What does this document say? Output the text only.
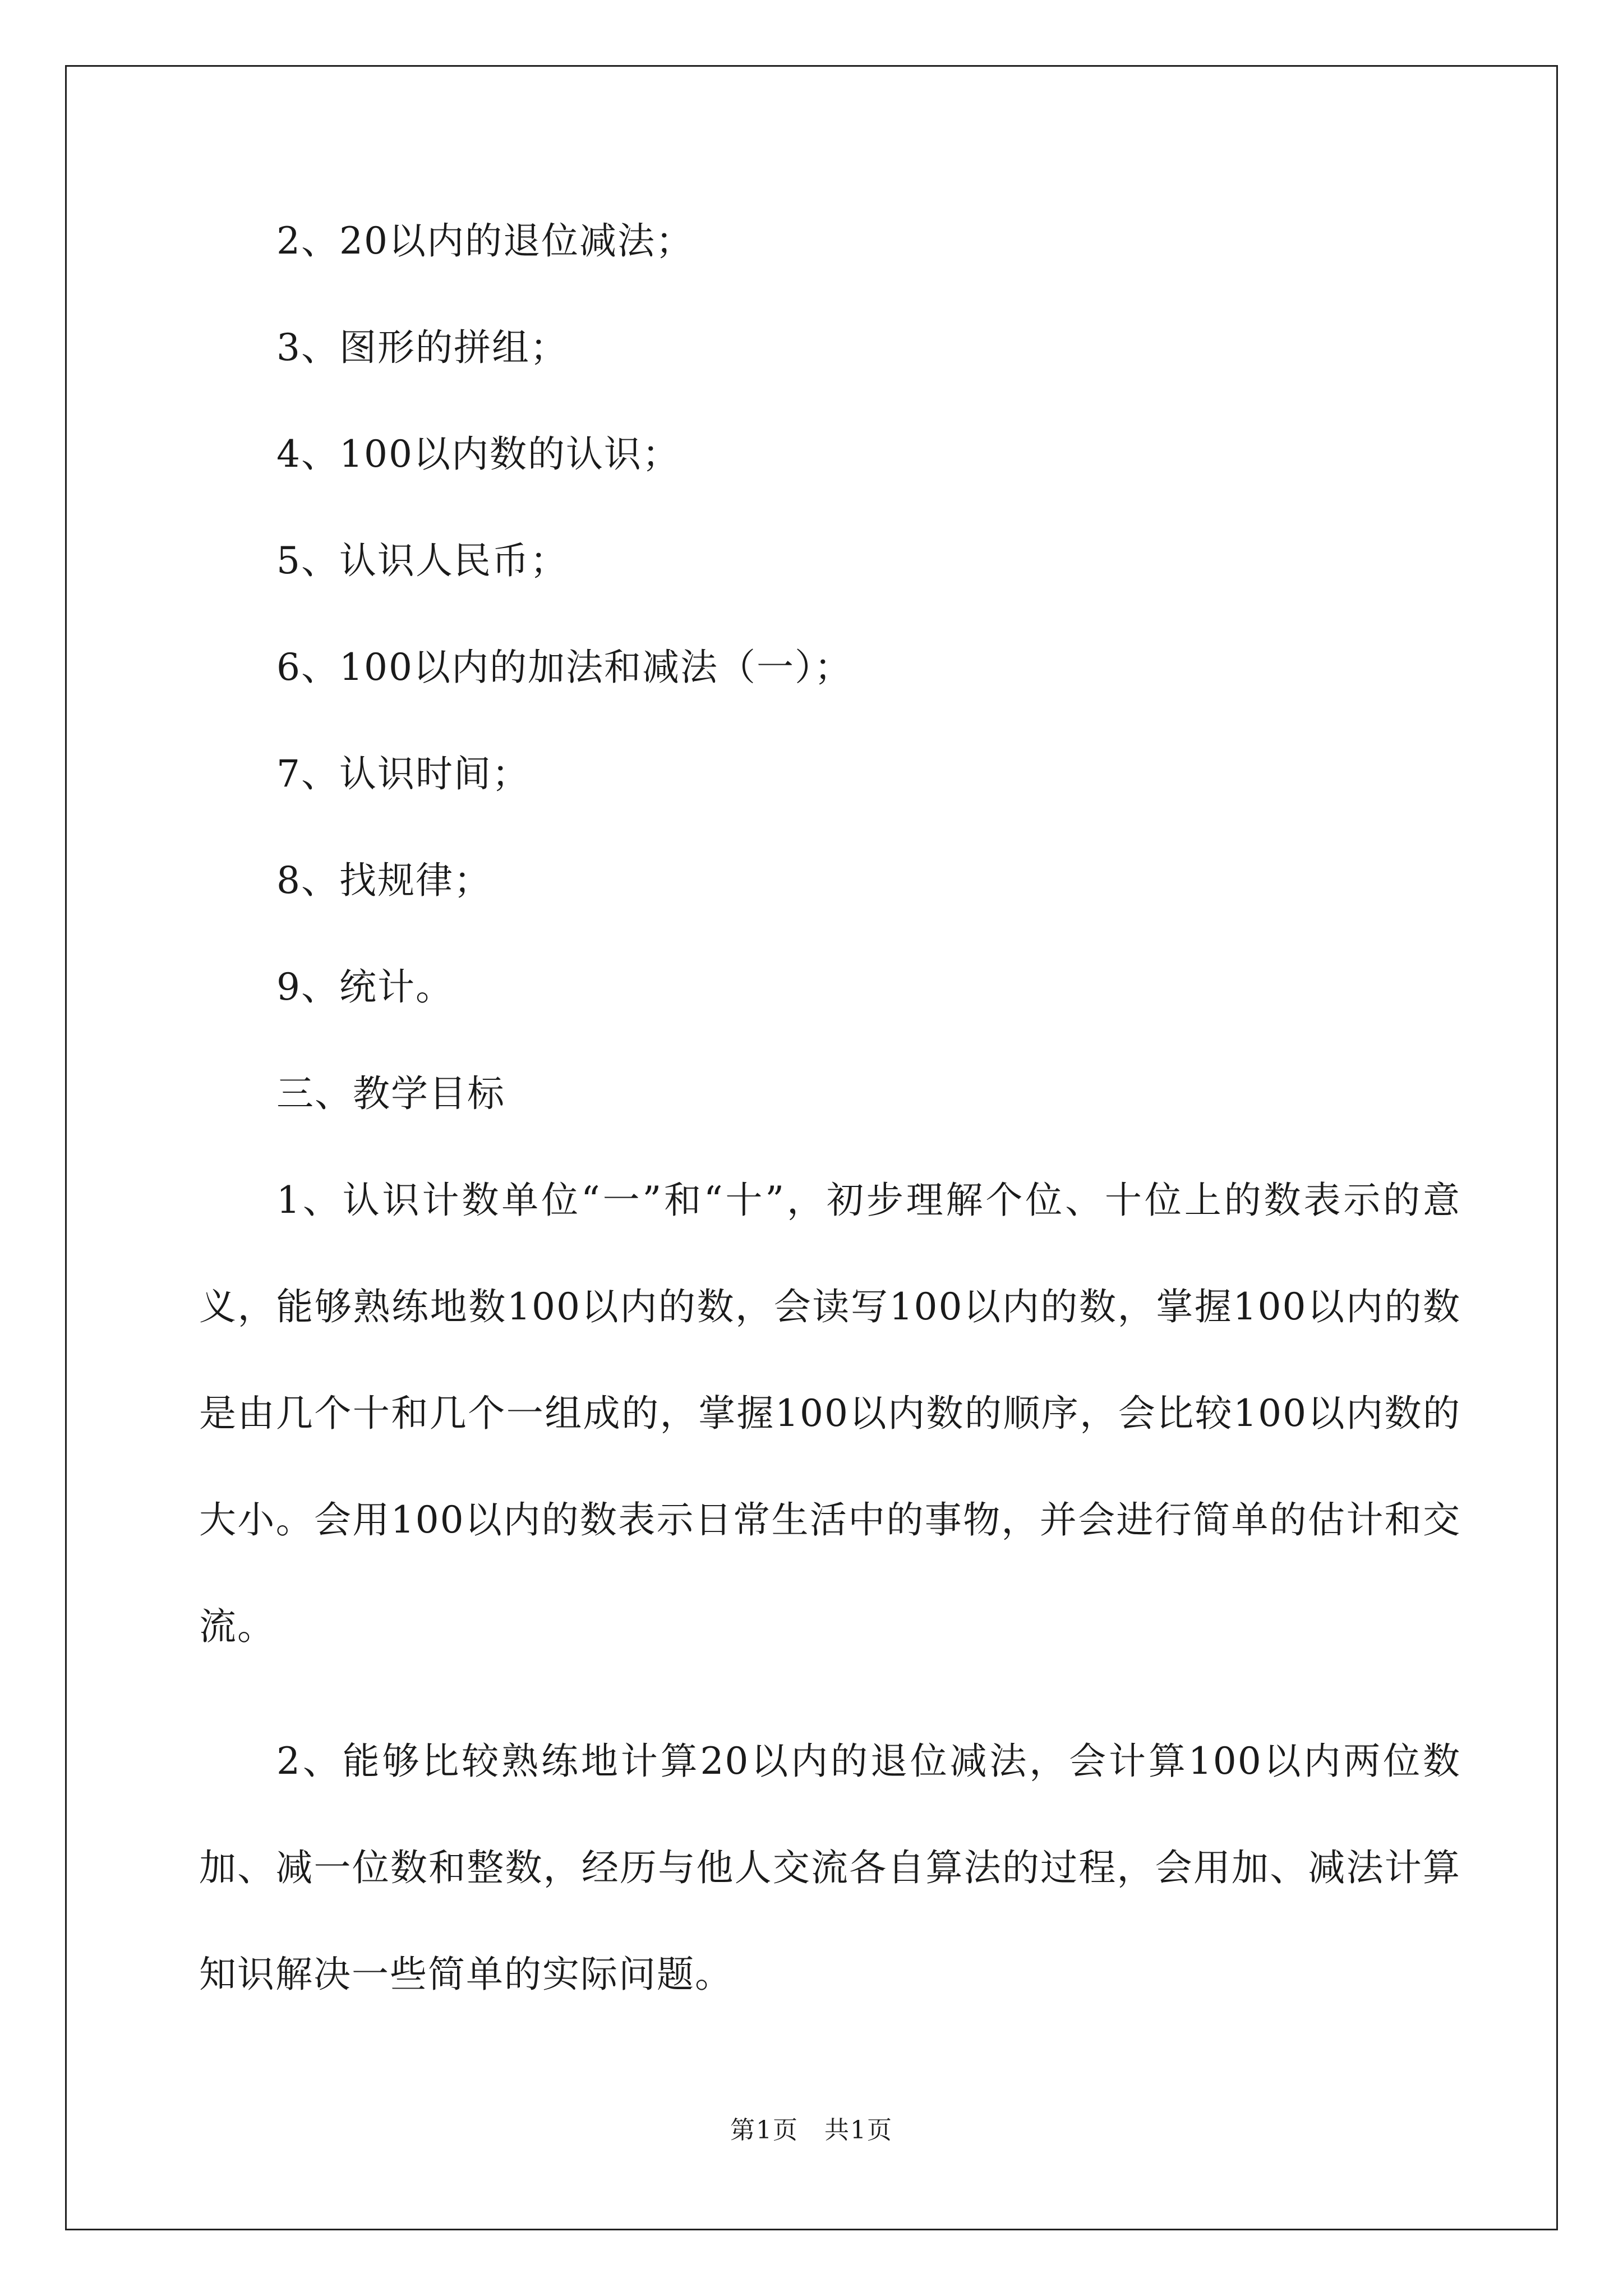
2、20以内的退位减法；
3、图形的拼组；
4、100以内数的认识；
5、认识人民币；
6、100以内的加法和减法（一）；
7、认识时间；
8、找规律；
9、统计。
三、教学目标

1、认识计数单位“一”和“十”，初步理解个位、十位上的数表示的意义，能够熟练地数100以内的数，会读写100以内的数，掌握100以内的数是由几个十和几个一组成的，掌握100以内数的顺序，会比较100以内数的大小。会用100以内的数表示日常生活中的事物，并会进行简单的估计和交流。

2、能够比较熟练地计算20以内的退位减法，会计算100以内两位数加、减一位数和整数，经历与他人交流各自算法的过程，会用加、减法计算知识解决一些简单的实际问题。

第1页　共1页
